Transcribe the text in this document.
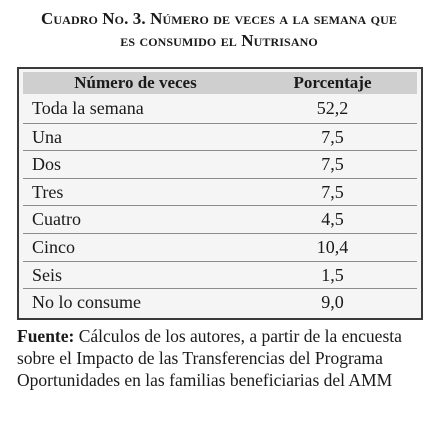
Cuadro No. 3. Número de veces a la semana que
es consumido el Nutrisano
Número de veces	Porcentaje
Toda la semana	52,2
Una	7,5
Dos	7,5
Tres	7,5
Cuatro	4,5
Cinco	10,4
Seis	1,5
No lo consume	9,0
Fuente: Cálculos de los autores, a partir de la encuesta sobre el Impacto de las Transferencias del Programa Oportunidades en las familias beneficiarias del AMM
